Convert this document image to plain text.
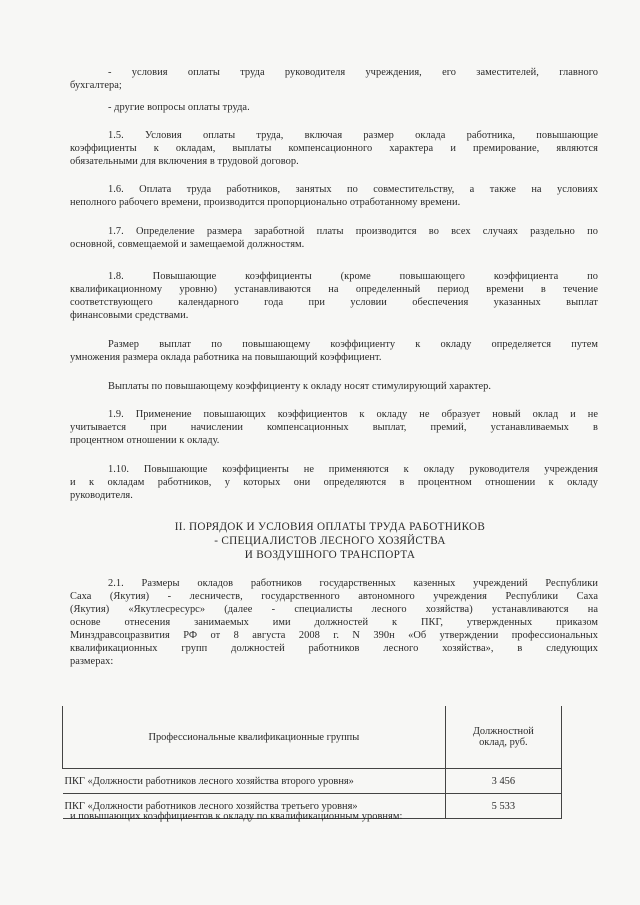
- условия оплаты труда руководителя учреждения, его заместителей, главного
бухгалтера;
- другие вопросы оплаты труда.
1.5. Условия оплаты труда, включая размер оклада работника, повышающие
коэффициенты к окладам, выплаты компенсационного характера и премирование, являются
обязательными для включения в трудовой договор.
1.6. Оплата труда работников, занятых по совместительству, а также на условиях
неполного рабочего времени, производится пропорционально отработанному времени.
1.7. Определение размера заработной платы производится во всех случаях раздельно по
основной, совмещаемой и замещаемой должностям.
1.8. Повышающие коэффициенты (кроме повышающего коэффициента по
квалификационному уровню) устанавливаются на определенный период времени в течение
соответствующего календарного года при условии обеспечения указанных выплат
финансовыми средствами.
Размер выплат по повышающему коэффициенту к окладу определяется путем
умножения размера оклада работника на повышающий коэффициент.
Выплаты по повышающему коэффициенту к окладу носят стимулирующий характер.
1.9. Применение повышающих коэффициентов к окладу не образует новый оклад и не
учитывается при начислении компенсационных выплат, премий, устанавливаемых в
процентном отношении к окладу.
1.10. Повышающие коэффициенты не применяются к окладу руководителя учреждения
и к окладам работников, у которых они определяются в процентном отношении к окладу
руководителя.
II. ПОРЯДОК И УСЛОВИЯ ОПЛАТЫ ТРУДА РАБОТНИКОВ
- СПЕЦИАЛИСТОВ ЛЕСНОГО ХОЗЯЙСТВА
И ВОЗДУШНОГО ТРАНСПОРТА
2.1. Размеры окладов работников государственных казенных учреждений Республики
Саха (Якутия) - лесничеств, государственного автономного учреждения Республики Саха
(Якутия) «Якутлесресурс» (далее - специалисты лесного хозяйства) устанавливаются на
основе отнесения занимаемых ими должностей к ПКГ, утвержденных приказом
Минздравсоцразвития РФ от 8 августа 2008 г. N 390н «Об утверждении профессиональных
квалификационных групп должностей работников лесного хозяйства», в следующих
размерах:
Профессиональные квалификационные группы	Должностной
оклад, руб.

ПКГ «Должности работников лесного хозяйства второго уровня»	3 456
ПКГ «Должности работников лесного хозяйства третьего уровня»	5 533
и повышающих коэффициентов к окладу по квалификационным уровням:
